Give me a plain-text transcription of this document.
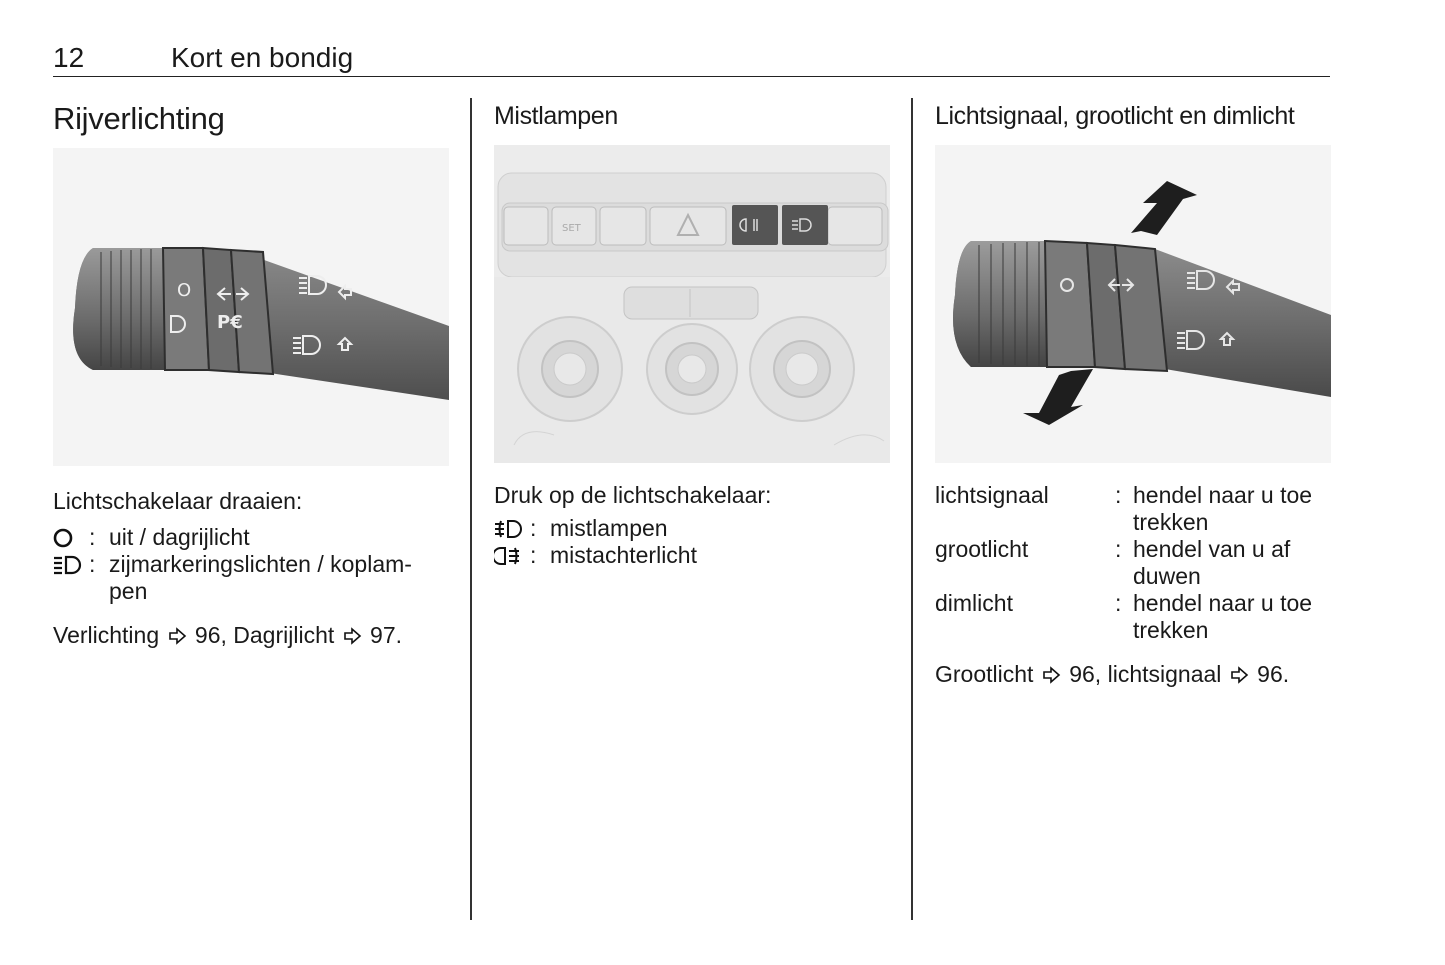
12	Kort en bondig
Rijverlichting
O
P€

Lichtschakelaar draaien:

: uit / dagrijlicht
: zijmarkeringslichten / koplam-pen

Verlichting 96, Dagrijlicht 97.

Mistlampen
SET

Druk op de lichtschakelaar:

: mistlampen
: mistachterlicht
Lichtsignaal, grootlicht en dimlicht
lichtsignaal	: hendel naar u toe trekken
grootlicht	: hendel van u af duwen
dimlicht	: hendel naar u toe trekken

Grootlicht 96, lichtsignaal 96.
